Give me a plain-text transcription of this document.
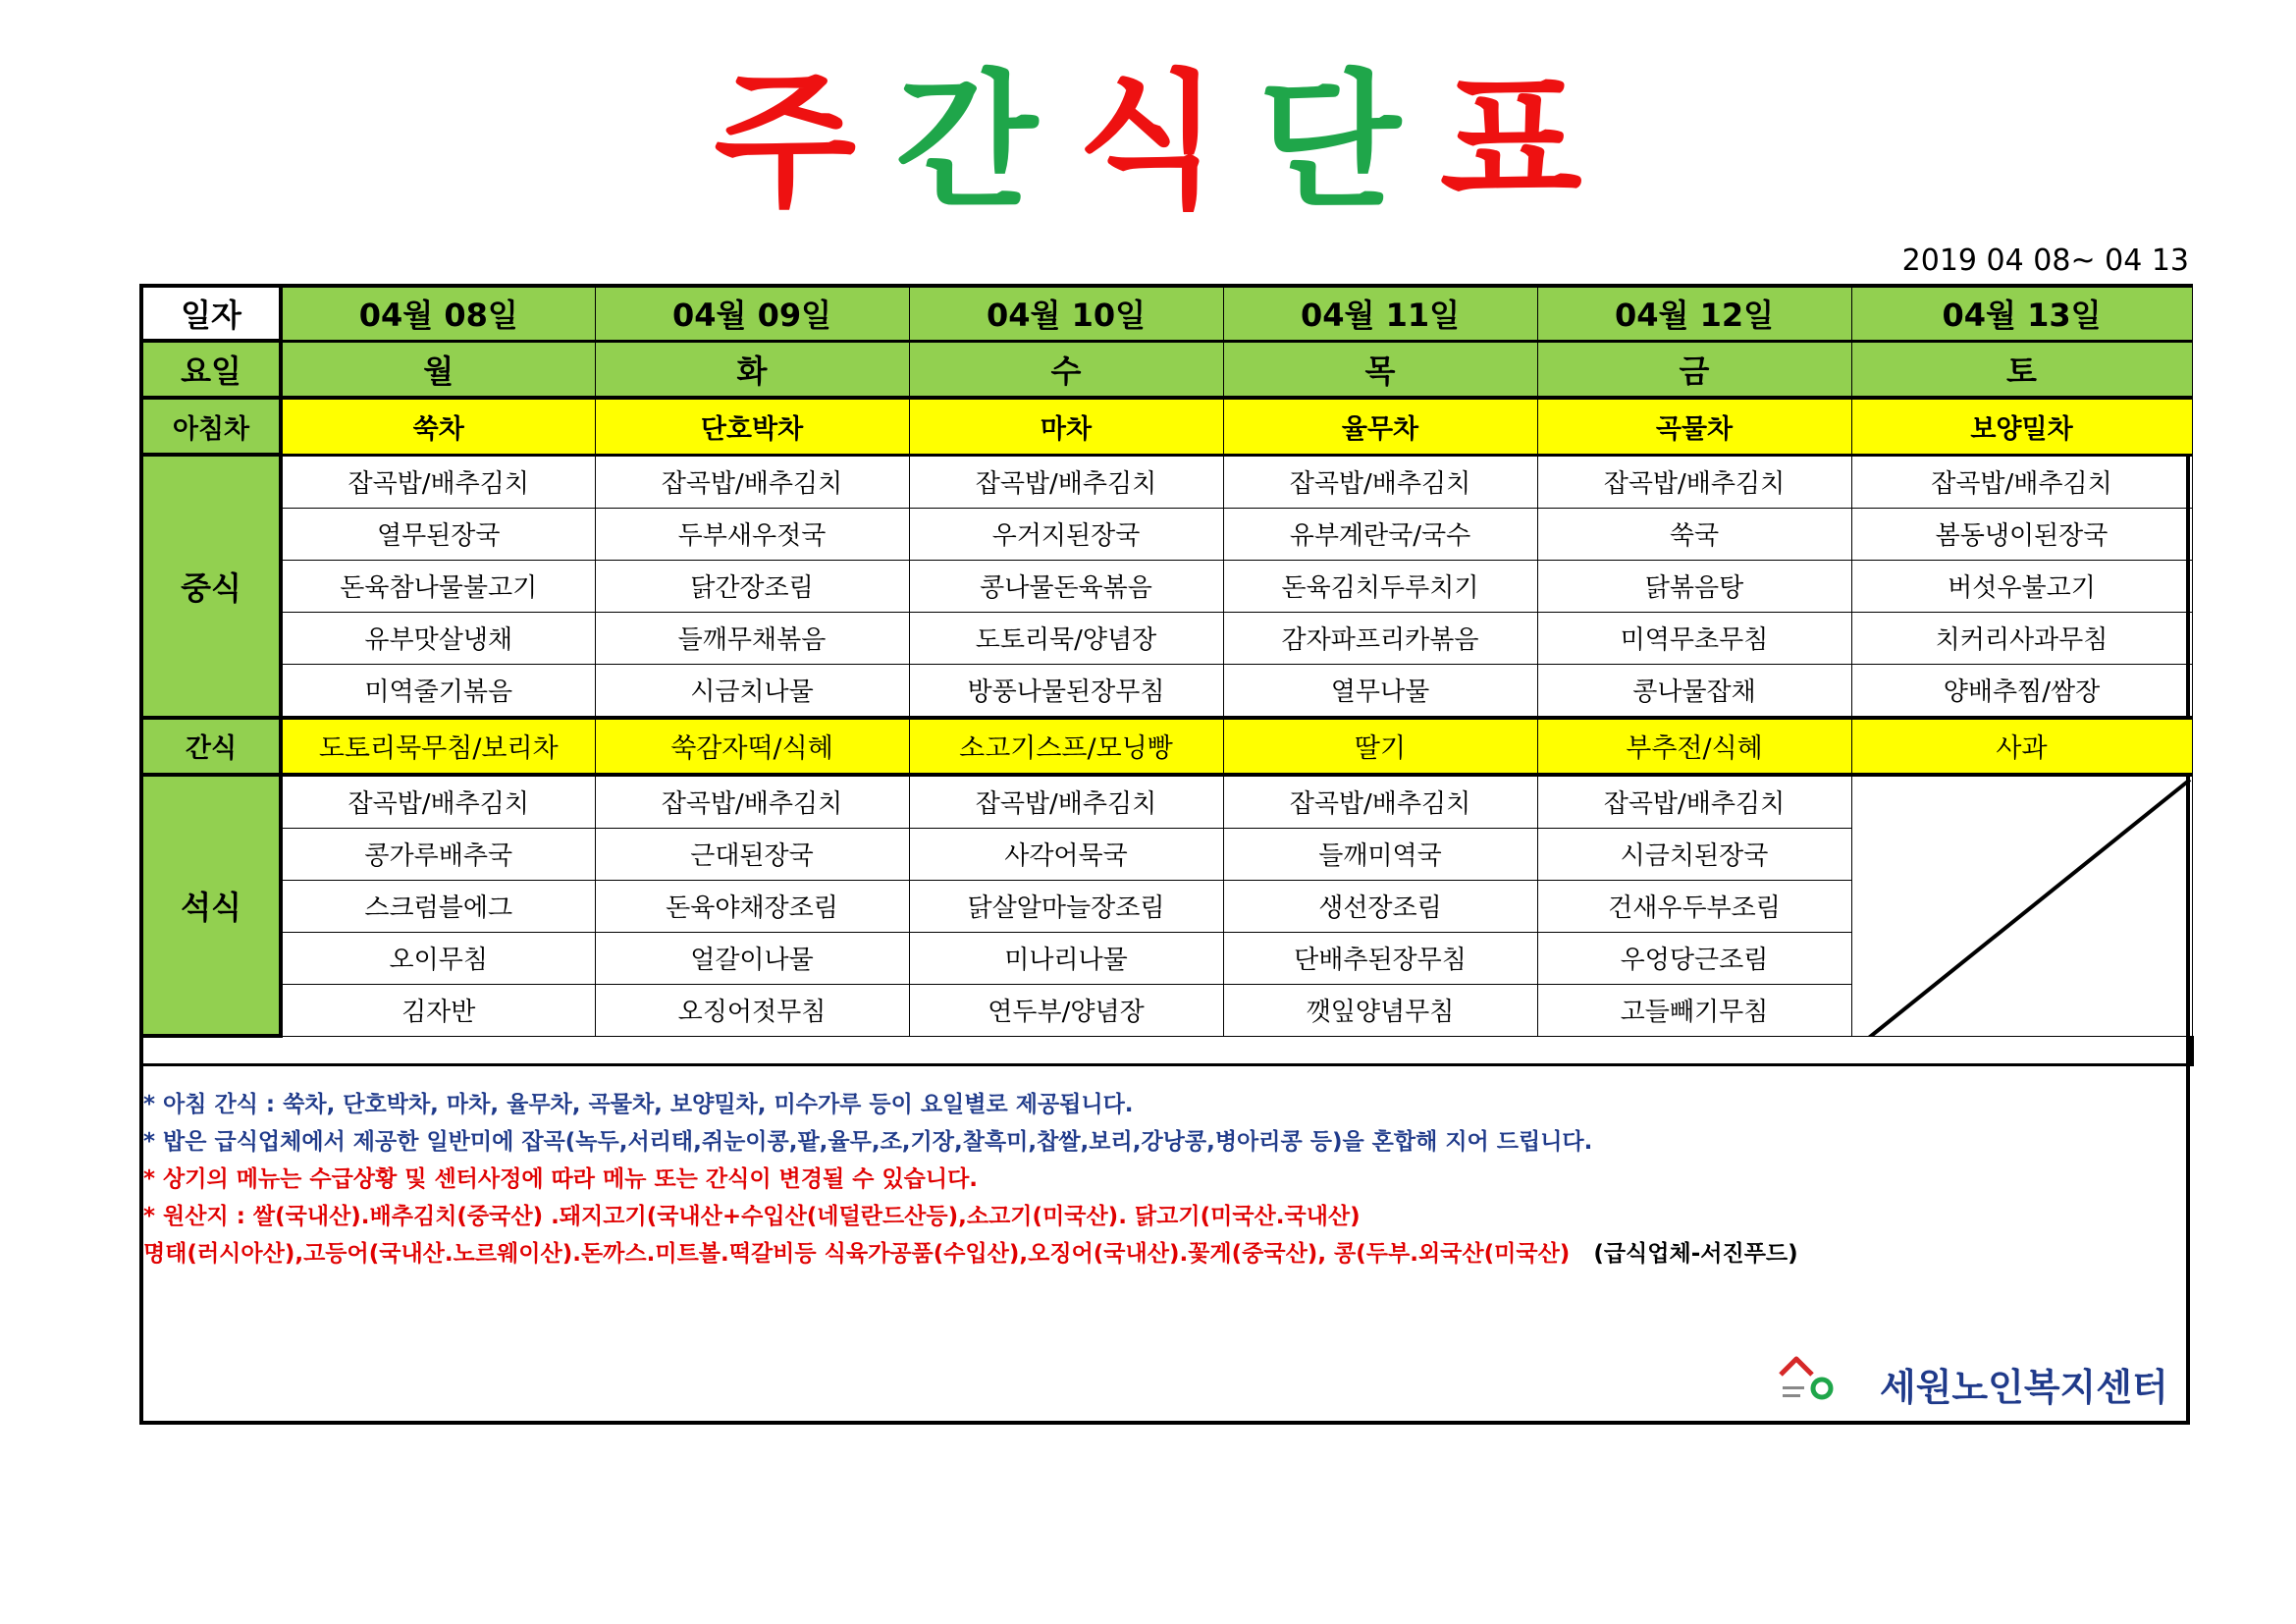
주 간 식 단 표
2019 04 08~ 04 13
일자	04월 08일	04월 09일	04월 10일	04월 11일	04월 12일	04월 13일
요일	월	화	수	목	금	토
아침차	쑥차	단호박차	마차	율무차	곡물차	보양밀차
중식	잡곡밥/배추김치	잡곡밥/배추김치	잡곡밥/배추김치	잡곡밥/배추김치	잡곡밥/배추김치	잡곡밥/배추김치
	열무된장국	두부새우젓국	우거지된장국	유부계란국/국수	쑥국	봄동냉이된장국
	돈육참나물불고기	닭간장조림	콩나물돈육볶음	돈육김치두루치기	닭볶음탕	버섯우불고기
	유부맛살냉채	들깨무채볶음	도토리묵/양념장	감자파프리카볶음	미역무초무침	치커리사과무침
	미역줄기볶음	시금치나물	방풍나물된장무침	열무나물	콩나물잡채	양배추찜/쌈장
간식	도토리묵무침/보리차	쑥감자떡/식혜	소고기스프/모닝빵	딸기	부추전/식혜	사과
석식	잡곡밥/배추김치	잡곡밥/배추김치	잡곡밥/배추김치	잡곡밥/배추김치	잡곡밥/배추김치	

	콩가루배추국	근대된장국	사각어묵국	들깨미역국	시금치된장국	
	스크럼블에그	돈육야채장조림	닭살알마늘장조림	생선장조림	건새우두부조림	
	오이무침	얼갈이나물	미나리나물	단배추된장무침	우엉당근조림	
	김자반	오징어젓무침	연두부/양념장	깻잎양념무침	고들빼기무침	

* 아침 간식 : 쑥차, 단호박차, 마차, 율무차, 곡물차, 보양밀차, 미수가루 등이 요일별로 제공됩니다.
* 밥은 급식업체에서 제공한 일반미에 잡곡(녹두,서리태,쥐눈이콩,팥,율무,조,기장,찰흑미,찹쌀,보리,강낭콩,병아리콩 등)을 혼합해 지어 드립니다.
* 상기의 메뉴는 수급상황 및 센터사정에 따라 메뉴 또는 간식이 변경될 수 있습니다.
* 원산지 : 쌀(국내산).배추김치(중국산) .돼지고기(국내산+수입산(네덜란드산등),소고기(미국산). 닭고기(미국산.국내산)
명태(러시아산),고등어(국내산.노르웨이산).돈까스.미트볼.떡갈비등 식육가공품(수입산),오징어(국내산).꽃게(중국산), 콩(두부.외국산(미국산) (급식업체-서진푸드)
세원노인복지센터
